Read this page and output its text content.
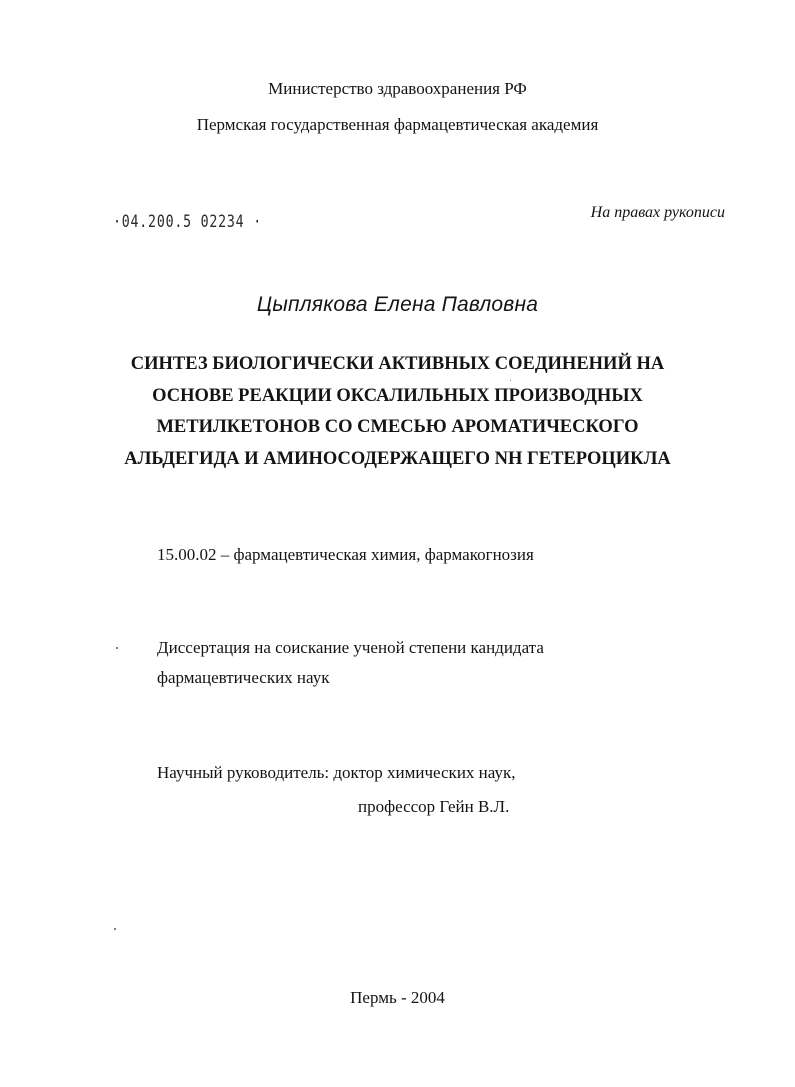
Министерство здравоохранения РФ
Пермская государственная фармацевтическая академия
·04.200.5 02234 ·	На правах рукописи
Цыплякова Елена Павловна
СИНТЕЗ БИОЛОГИЧЕСКИ АКТИВНЫХ СОЕДИНЕНИЙ НА
ОСНОВЕ РЕАКЦИИ ОКСАЛИЛЬНЫХ ПРОИЗВОДНЫХ
МЕТИЛКЕТОНОВ СО СМЕСЬЮ АРОМАТИЧЕСКОГО
АЛЬДЕГИДА И АМИНОСОДЕРЖАЩЕГО NH ГЕТЕРОЦИКЛА
15.00.02 – фармацевтическая химия, фармакогнозия
Диссертация на соискание ученой степени кандидата
фармацевтических наук
Научный руководитель: доктор химических наук,
профессор Гейн В.Л.
Пермь - 2004
